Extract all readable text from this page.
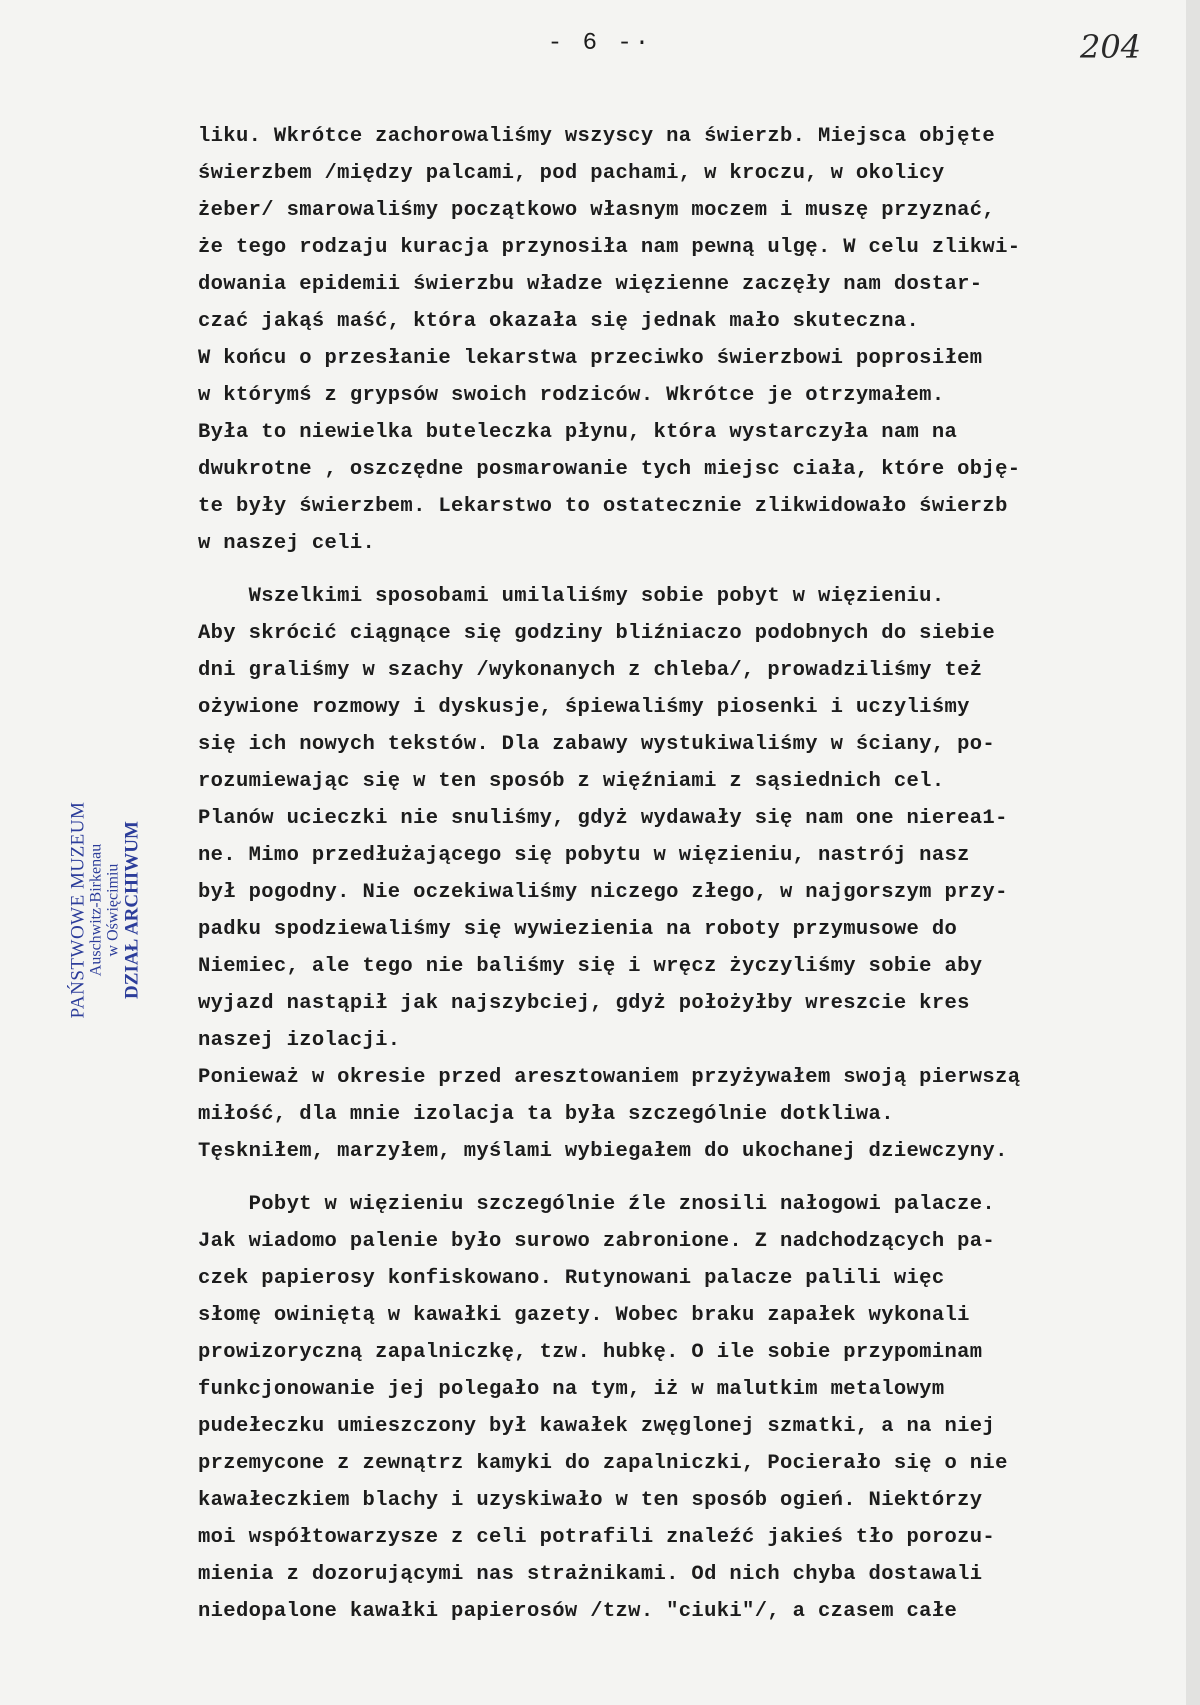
- 6 -·	204
PAŃSTWOWE MUZEUM
Auschwitz-Birkenau w Oświęcimiu DZIAŁ ARCHIWUM
liku. Wkrótce zachorowaliśmy wszyscy na świerzb. Miejsca objęte
świerzbem /między palcami, pod pachami, w kroczu, w okolicy
żeber/ smarowaliśmy początkowo własnym moczem i muszę przyznać,
że tego rodzaju kuracja przynosiła nam pewną ulgę. W celu zlikwi-
dowania epidemii świerzbu władze więzienne zaczęły nam dostar-
czać jakąś maść, która okazała się jednak mało skuteczna.
W końcu o przesłanie lekarstwa przeciwko świerzbowi poprosiłem
w którymś z grypsów swoich rodziców. Wkrótce je otrzymałem.
Była to niewielka buteleczka płynu, która wystarczyła nam na
dwukrotne , oszczędne posmarowanie tych miejsc ciała, które obję-
te były świerzbem. Lekarstwo to ostatecznie zlikwidowało świerzb
w naszej celi.
Wszelkimi sposobami umilaliśmy sobie pobyt w więzieniu.
Aby skrócić ciągnące się godziny bliźniaczo podobnych do siebie
dni graliśmy w szachy /wykonanych z chleba/, prowadziliśmy też
ożywione rozmowy i dyskusje, śpiewaliśmy piosenki i uczyliśmy
się ich nowych tekstów. Dla zabawy wystukiwaliśmy w ściany, po-
rozumiewając się w ten sposób z więźniami z sąsiednich cel.
Planów ucieczki nie snuliśmy, gdyż wydawały się nam one nierea1-
ne. Mimo przedłużającego się pobytu w więzieniu, nastrój nasz
był pogodny. Nie oczekiwaliśmy niczego złego, w najgorszym przy-
padku spodziewaliśmy się wywiezienia na roboty przymusowe do
Niemiec, ale tego nie baliśmy się i wręcz życzyliśmy sobie aby
wyjazd nastąpił jak najszybciej, gdyż położyłby wreszcie kres
naszej izolacji.
Ponieważ w okresie przed aresztowaniem przyżywałem swoją pierwszą
miłość, dla mnie izolacja ta była szczególnie dotkliwa.
Tęskniłem, marzyłem, myślami wybiegałem do ukochanej dziewczyny.
Pobyt w więzieniu szczególnie źle znosili nałogowi palacze.
Jak wiadomo palenie było surowo zabronione. Z nadchodzących pa-
czek papierosy konfiskowano. Rutynowani palacze palili więc
słomę owiniętą w kawałki gazety. Wobec braku zapałek wykonali
prowizoryczną zapalniczkę, tzw. hubkę. O ile sobie przypominam
funkcjonowanie jej polegało na tym, iż w malutkim metalowym
pudełeczku umieszczony był kawałek zwęglonej szmatki, a na niej
przemycone z zewnątrz kamyki do zapalniczki, Pocierało się o nie
kawałeczkiem blachy i uzyskiwało w ten sposób ogień. Niektórzy
moi współtowarzysze z celi potrafili znaleźć jakieś tło porozu-
mienia z dozorującymi nas strażnikami. Od nich chyba dostawali
niedopalone kawałki papierosów /tzw. "ciuki"/, a czasem całe
